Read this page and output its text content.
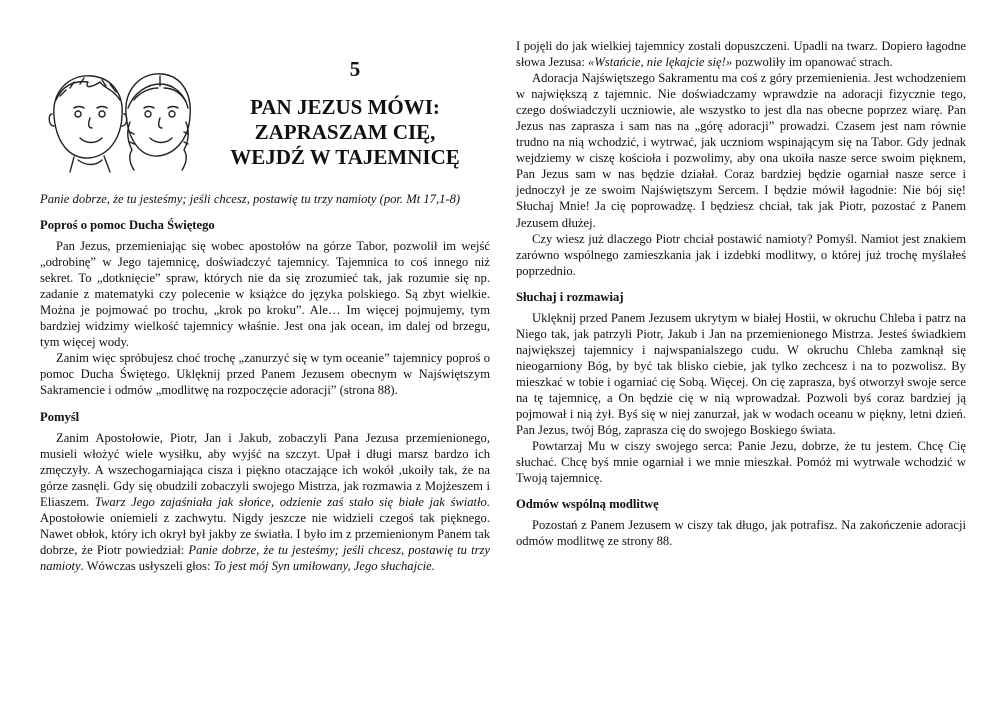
5
PAN JEZUS MÓWI:
ZAPRASZAM CIĘ,
WEJDŹ W TAJEMNICĘ

Panie dobrze, że tu jesteśmy; jeśli chcesz, postawię tu trzy namioty (por. Mt 17,1-8)

Poproś o pomoc Ducha Świętego

Pan Jezus, przemieniając się wobec apostołów na górze Tabor, pozwolił im wejść „odrobinę” w Jego tajemnicę, doświadczyć tajemnicy. Tajemnica to coś innego niż sekret. To „dotknięcie” spraw, których nie da się zrozumieć tak, jak rozumie się np. zadanie z matematyki czy polecenie w książce do języka polskiego. Są zbyt wielkie. Można je pojmować po trochu, „krok po kroku”. Ale… Im więcej pojmujemy, tym bardziej widzimy wielkość tajemnicy właśnie. Jest ona jak ocean, im dalej od brzegu, tym więcej wody.

Zanim więc spróbujesz choć trochę „zanurzyć się w tym oceanie” tajemnicy poproś o pomoc Ducha Świętego. Uklęknij przed Panem Jezusem obecnym w Najświętszym Sakramencie i odmów „modlitwę na rozpoczęcie adoracji” (strona 88).

Pomyśl

Zanim Apostołowie, Piotr, Jan i Jakub, zobaczyli Pana Jezusa przemienionego, musieli włożyć wiele wysiłku, aby wyjść na szczyt. Upał i długi marsz bardzo ich zmęczyły. A wszechogarniająca cisza i piękno otaczające ich wokół ,ukoiły tak, że na górze zasnęli. Gdy się obudzili zobaczyli swojego Mistrza, jak rozmawia z Mojżeszem i Eliaszem. Twarz Jego zajaśniała jak słońce, odzienie zaś stało się białe jak światło. Apostołowie oniemieli z zachwytu. Nigdy jeszcze nie widzieli czegoś tak pięknego. Nawet obłok, który ich okrył był jakby ze światła. I było im z przemienionym Panem tak dobrze, że Piotr powiedział: Panie dobrze, że tu jesteśmy; jeśli chcesz, postawię tu trzy namioty. Wówczas usłyszeli głos: To jest mój Syn umiłowany, Jego słuchajcie.

I pojęli do jak wielkiej tajemnicy zostali dopuszczeni. Upadli na twarz. Dopiero łagodne słowa Jezusa: «Wstańcie, nie lękajcie się!» pozwoliły im opanować strach.

Adoracja Najświętszego Sakramentu ma coś z góry przemienienia. Jest wchodzeniem w największą z tajemnic. Nie doświadczamy wprawdzie na adoracji fizycznie tego, czego doświadczyli uczniowie, ale wszystko to jest dla nas obecne poprzez wiarę. Pan Jezus nas zaprasza i sam nas na „górę adoracji” prowadzi. Czasem jest nam równie trudno na nią wchodzić, i wytrwać, jak uczniom wspinającym się na Tabor. Gdy jednak wejdziemy w ciszę kościoła i pozwolimy, aby ona ukoiła nasze serce swoim pięknem, Pan Jezus sam w nas będzie działał. Coraz bardziej będzie ogarniał nasze serce i jednoczył je ze swoim Najświętszym Sercem. I będzie mówił łagodnie: Nie bój się! Słuchaj Mnie! Ja cię poprowadzę. I będziesz chciał, tak jak Piotr, pozostać z Panem Jezusem dłużej.

Czy wiesz już dlaczego Piotr chciał postawić namioty? Pomyśl. Namiot jest znakiem zarówno wspólnego zamieszkania jak i izdebki modlitwy, o której już trochę myślałeś poprzednio.

Słuchaj i rozmawiaj

Uklęknij przed Panem Jezusem ukrytym w białej Hostii, w okruchu Chleba i patrz na Niego tak, jak patrzyli Piotr, Jakub i Jan na przemienionego Mistrza. Jesteś świadkiem największej tajemnicy i najwspanialszego cudu. W okruchu Chleba zamknął się nieogarniony Bóg, by być tak blisko ciebie, jak tylko zechcesz i na to pozwolisz. By mieszkać w tobie i ogarniać cię Sobą. Więcej. On cię zaprasza, byś otworzył swoje serce na tę tajemnicę, a On będzie cię w nią wprowadzał. Pozwoli byś coraz bardziej ją pojmował i nią żył. Byś się w niej zanurzał, jak w wodach oceanu w piękny, letni dzień. Pan Jezus, twój Bóg, zaprasza cię do swojego Boskiego świata.

Powtarzaj Mu w ciszy swojego serca: Panie Jezu, dobrze, że tu jestem. Chcę Cię słuchać. Chcę byś mnie ogarniał i we mnie mieszkał. Pomóż mi wytrwale wchodzić w Twoją tajemnicę.

Odmów wspólną modlitwę

Pozostań z Panem Jezusem w ciszy tak długo, jak potrafisz. Na zakończenie adoracji odmów modlitwę ze strony 88.
